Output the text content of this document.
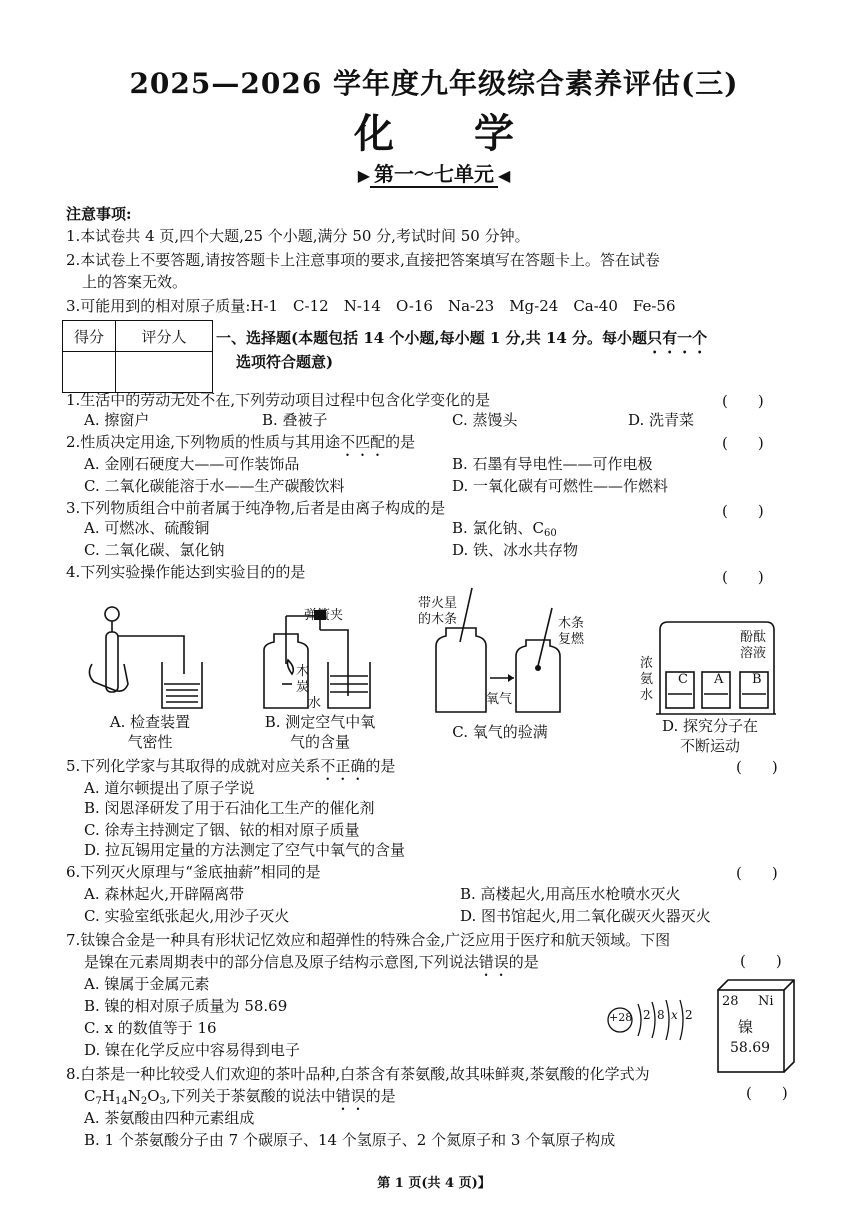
2025—2026 学年度九年级综合素养评估(三)
化　　学
▶ 第一～七单元 ◀
注意事项:
1.本试卷共 4 页,四个大题,25 个小题,满分 50 分,考试时间 50 分钟。
2.本试卷上不要答题,请按答题卡上注意事项的要求,直接把答案填写在答题卡上。答在试卷
上的答案无效。
3.可能用到的相对原子质量:H-1　C-12　N-14　O-16　Na-23　Mg-24　Ca-40　Fe-56
得分	评分人
	一、选择题(本题包括 14 个小题,每小题 1 分,共 14 分。每小题只有一个
选项符合题意)
1.生活中的劳动无处不在,下列劳动项目过程中包含化学变化的是	(　　)
A. 擦窗户	B. 叠被子	C. 蒸馒头	D. 洗青菜
2.性质决定用途,下列物质的性质与其用途不匹配的是	(　　)
A. 金刚石硬度大——可作装饰品	B. 石墨有导电性——可作电极
C. 二氧化碳能溶于水——生产碳酸饮料	D. 一氧化碳有可燃性——作燃料
3.下列物质组合中前者属于纯净物,后者是由离子构成的是	(　　)
A. 可燃冰、硫酸铜	B. 氯化钠、$C_{60}$
C. 二氧化碳、氯化钠	D. 铁、冰水共存物
4.下列实验操作能达到实验目的的是	(　　)
A. 检查装置
气密性
弹簧夹
木
炭
水
B. 测定空气中氧
气的含量
带火星
的木条	木条
复燃
氧气
C. 氧气的验满
浓
氨
水
酚酞
溶液
C A B
D. 探究分子在
不断运动
5.下列化学家与其取得的成就对应关系不正确的是	(　　)
A. 道尔顿提出了原子学说
B. 闵恩泽研发了用于石油化工生产的催化剂
C. 徐寿主持测定了铟、铱的相对原子质量
D. 拉瓦锡用定量的方法测定了空气中氧气的含量
6.下列灭火原理与“釜底抽薪”相同的是	(　　)
A. 森林起火,开辟隔离带	B. 高楼起火,用高压水枪喷水灭火
C. 实验室纸张起火,用沙子灭火	D. 图书馆起火,用二氧化碳灭火器灭火
7.钛镍合金是一种具有形状记忆效应和超弹性的特殊合金,广泛应用于医疗和航天领域。下图
是镍在元素周期表中的部分信息及原子结构示意图,下列说法错误的是	(　　)
A. 镍属于金属元素
B. 镍的相对原子质量为 58.69
C. x 的数值等于 16
D. 镍在化学反应中容易得到电子
+28 2 8 x 2
28 Ni
镍
58.69
8.白茶是一种比较受人们欢迎的茶叶品种,白茶含有茶氨酸,故其味鲜爽,茶氨酸的化学式为
$C_7H_{14}N_2O_3$,下列关于茶氨酸的说法中错误的是	(　　)
A. 茶氨酸由四种元素组成
B. 1 个茶氨酸分子由 7 个碳原子、14 个氢原子、2 个氮原子和 3 个氧原子构成
第 1 页(共 4 页)】
